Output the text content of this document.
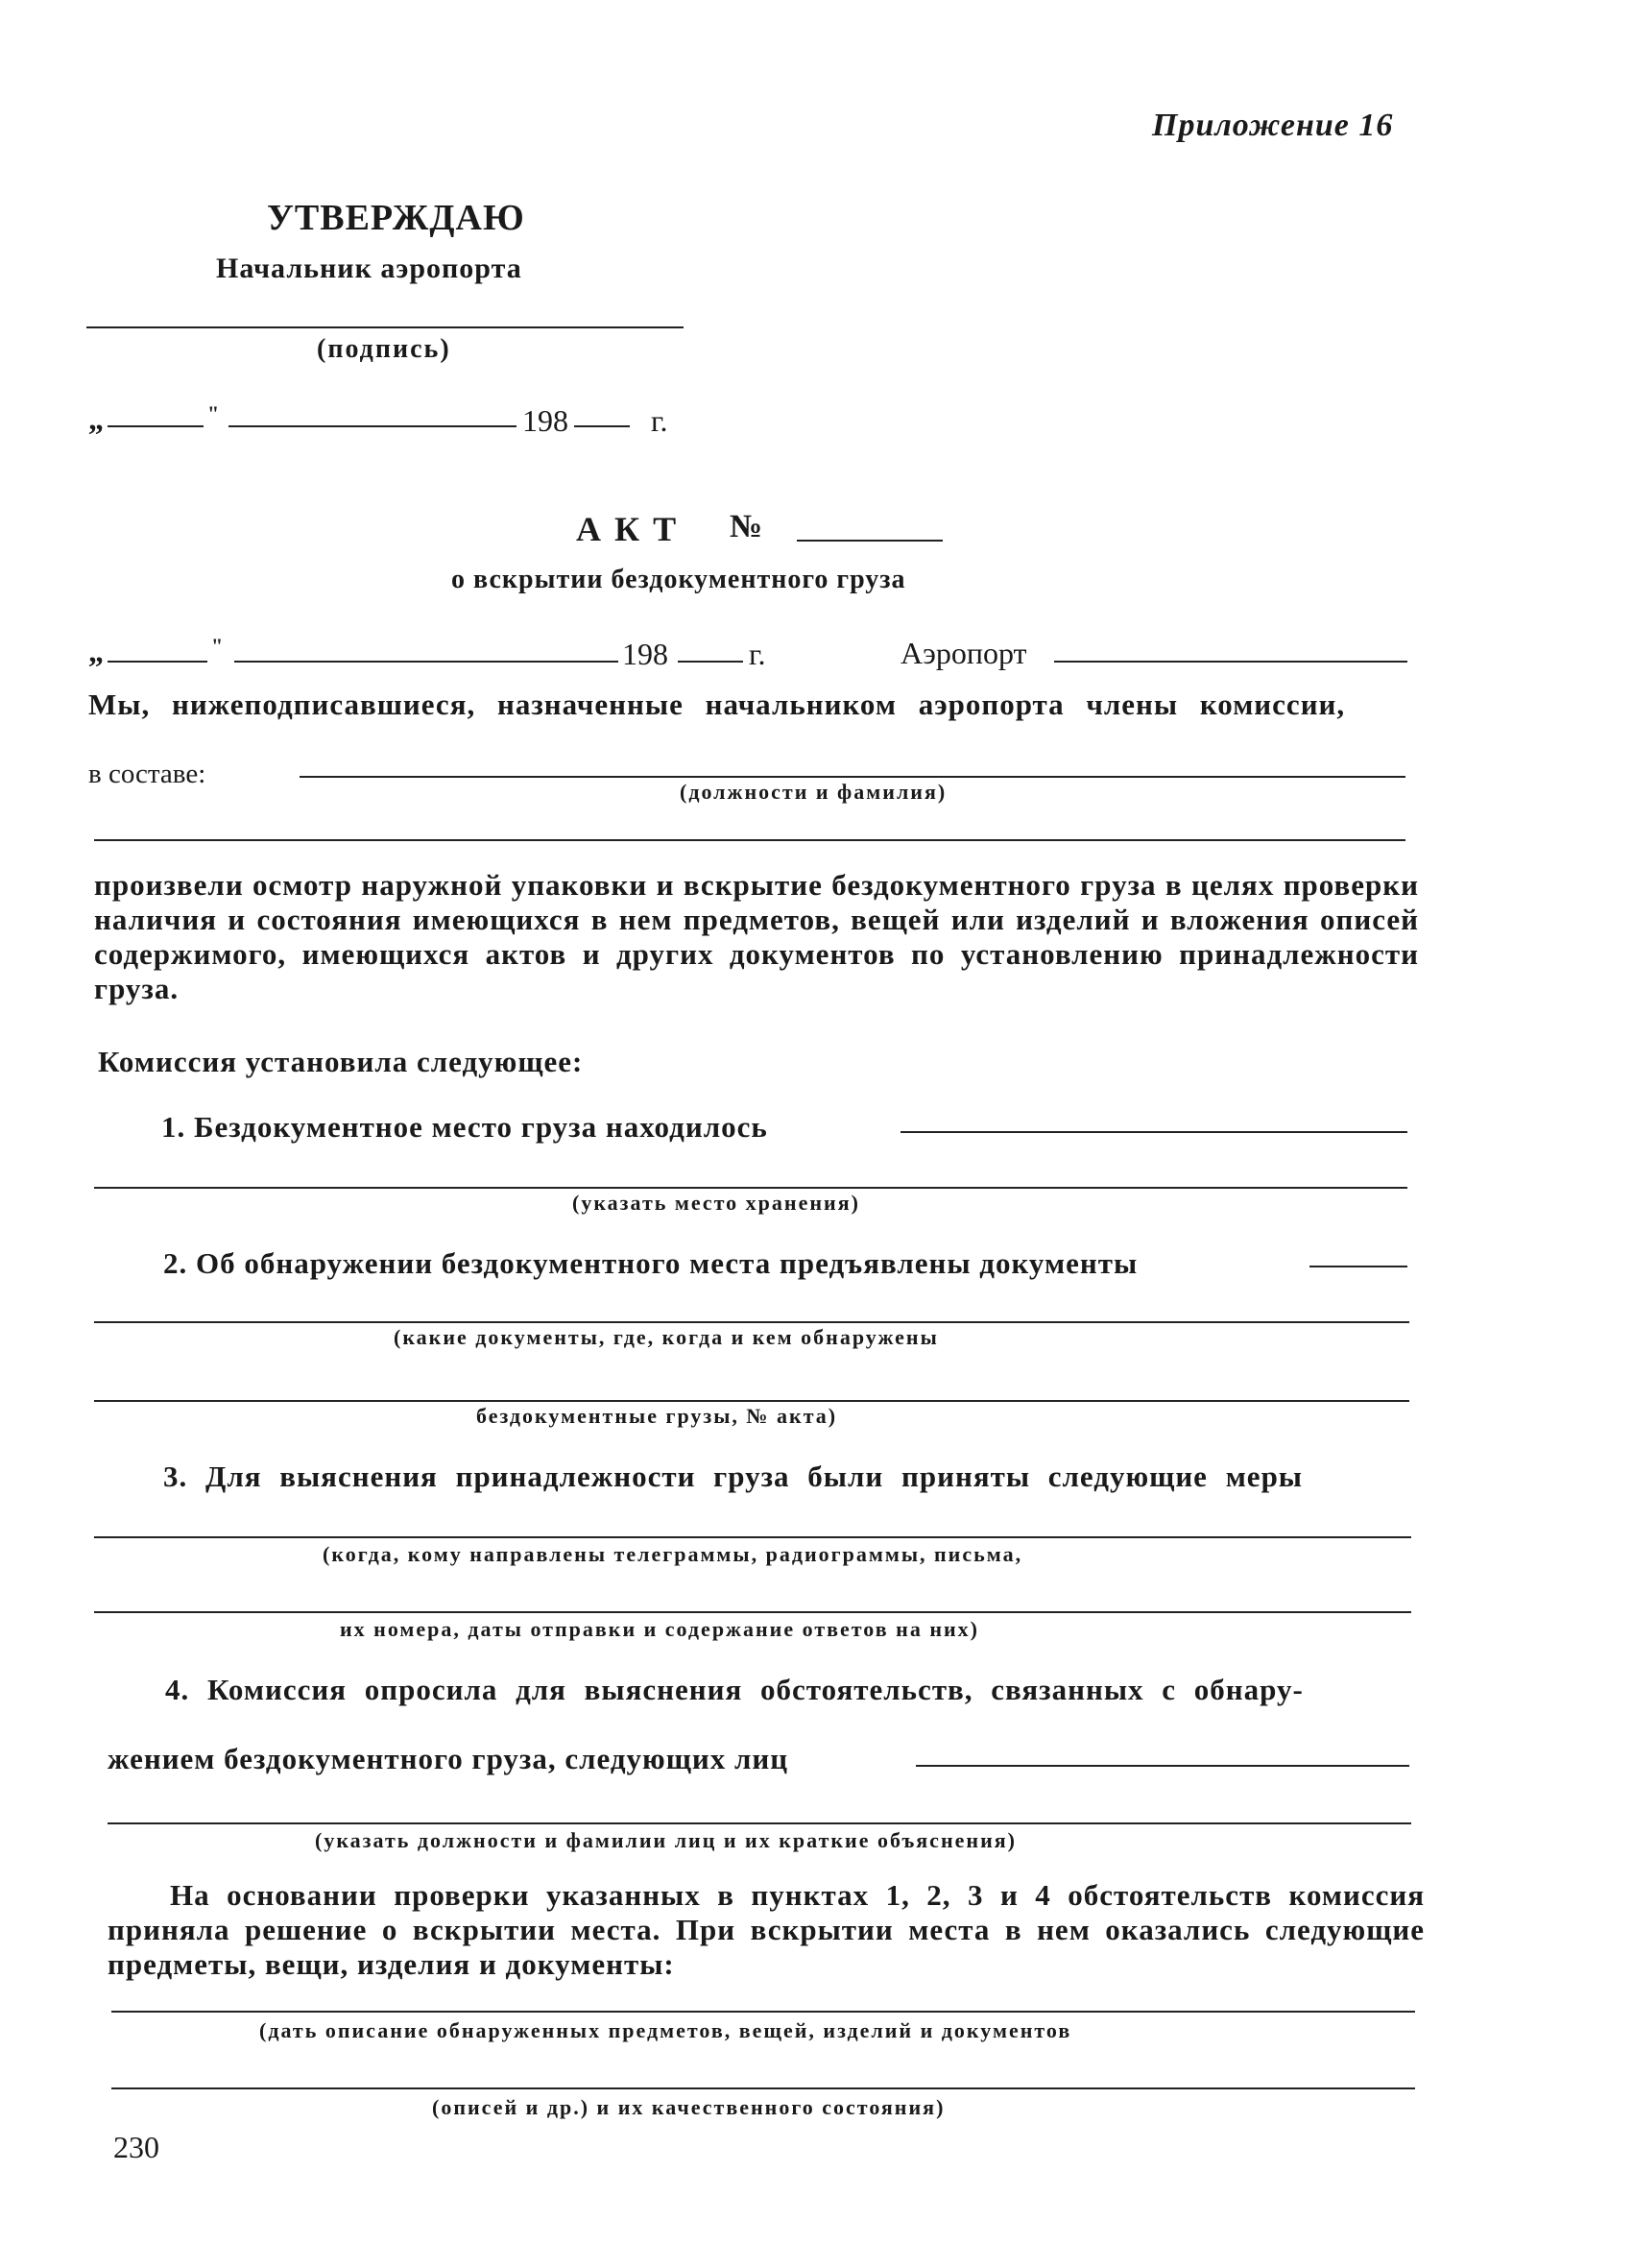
Приложение 16
УТВЕРЖДАЮ
Начальник аэропорта
(подпись)
„	"	198	г.
АКТ №
о вскрытии бездокументного груза
„	"	198	г.	Аэропорт
Мы, нижеподписавшиеся, назначенные начальником аэропорта члены комиссии,
в составе:
(должности и фамилия)
произвели осмотр наружной упаковки и вскрытие бездокументного груза в целях проверки наличия и состояния имеющихся в нем предметов, вещей или изделий и вложения описей содержимого, имеющихся актов и других документов по установлению принадлежности груза.
Комиссия установила следующее:
1. Бездокументное место груза находилось
(указать место хранения)
2. Об обнаружении бездокументного места предъявлены документы
(какие документы, где, когда и кем обнаружены
бездокументные грузы, № акта)
3. Для выяснения принадлежности груза были приняты следующие меры
(когда, кому направлены телеграммы, радиограммы, письма,
их номера, даты отправки и содержание ответов на них)
4. Комиссия опросила для выяснения обстоятельств, связанных с обнару-
жением бездокументного груза, следующих лиц
(указать должности и фамилии лиц и их краткие объяснения)
На основании проверки указанных в пунктах 1, 2, 3 и 4 обстоятельств комиссия приняла решение о вскрытии места. При вскрытии места в нем оказались следующие предметы, вещи, изделия и документы:
(дать описание обнаруженных предметов, вещей, изделий и документов
(описей и др.) и их качественного состояния)
230
